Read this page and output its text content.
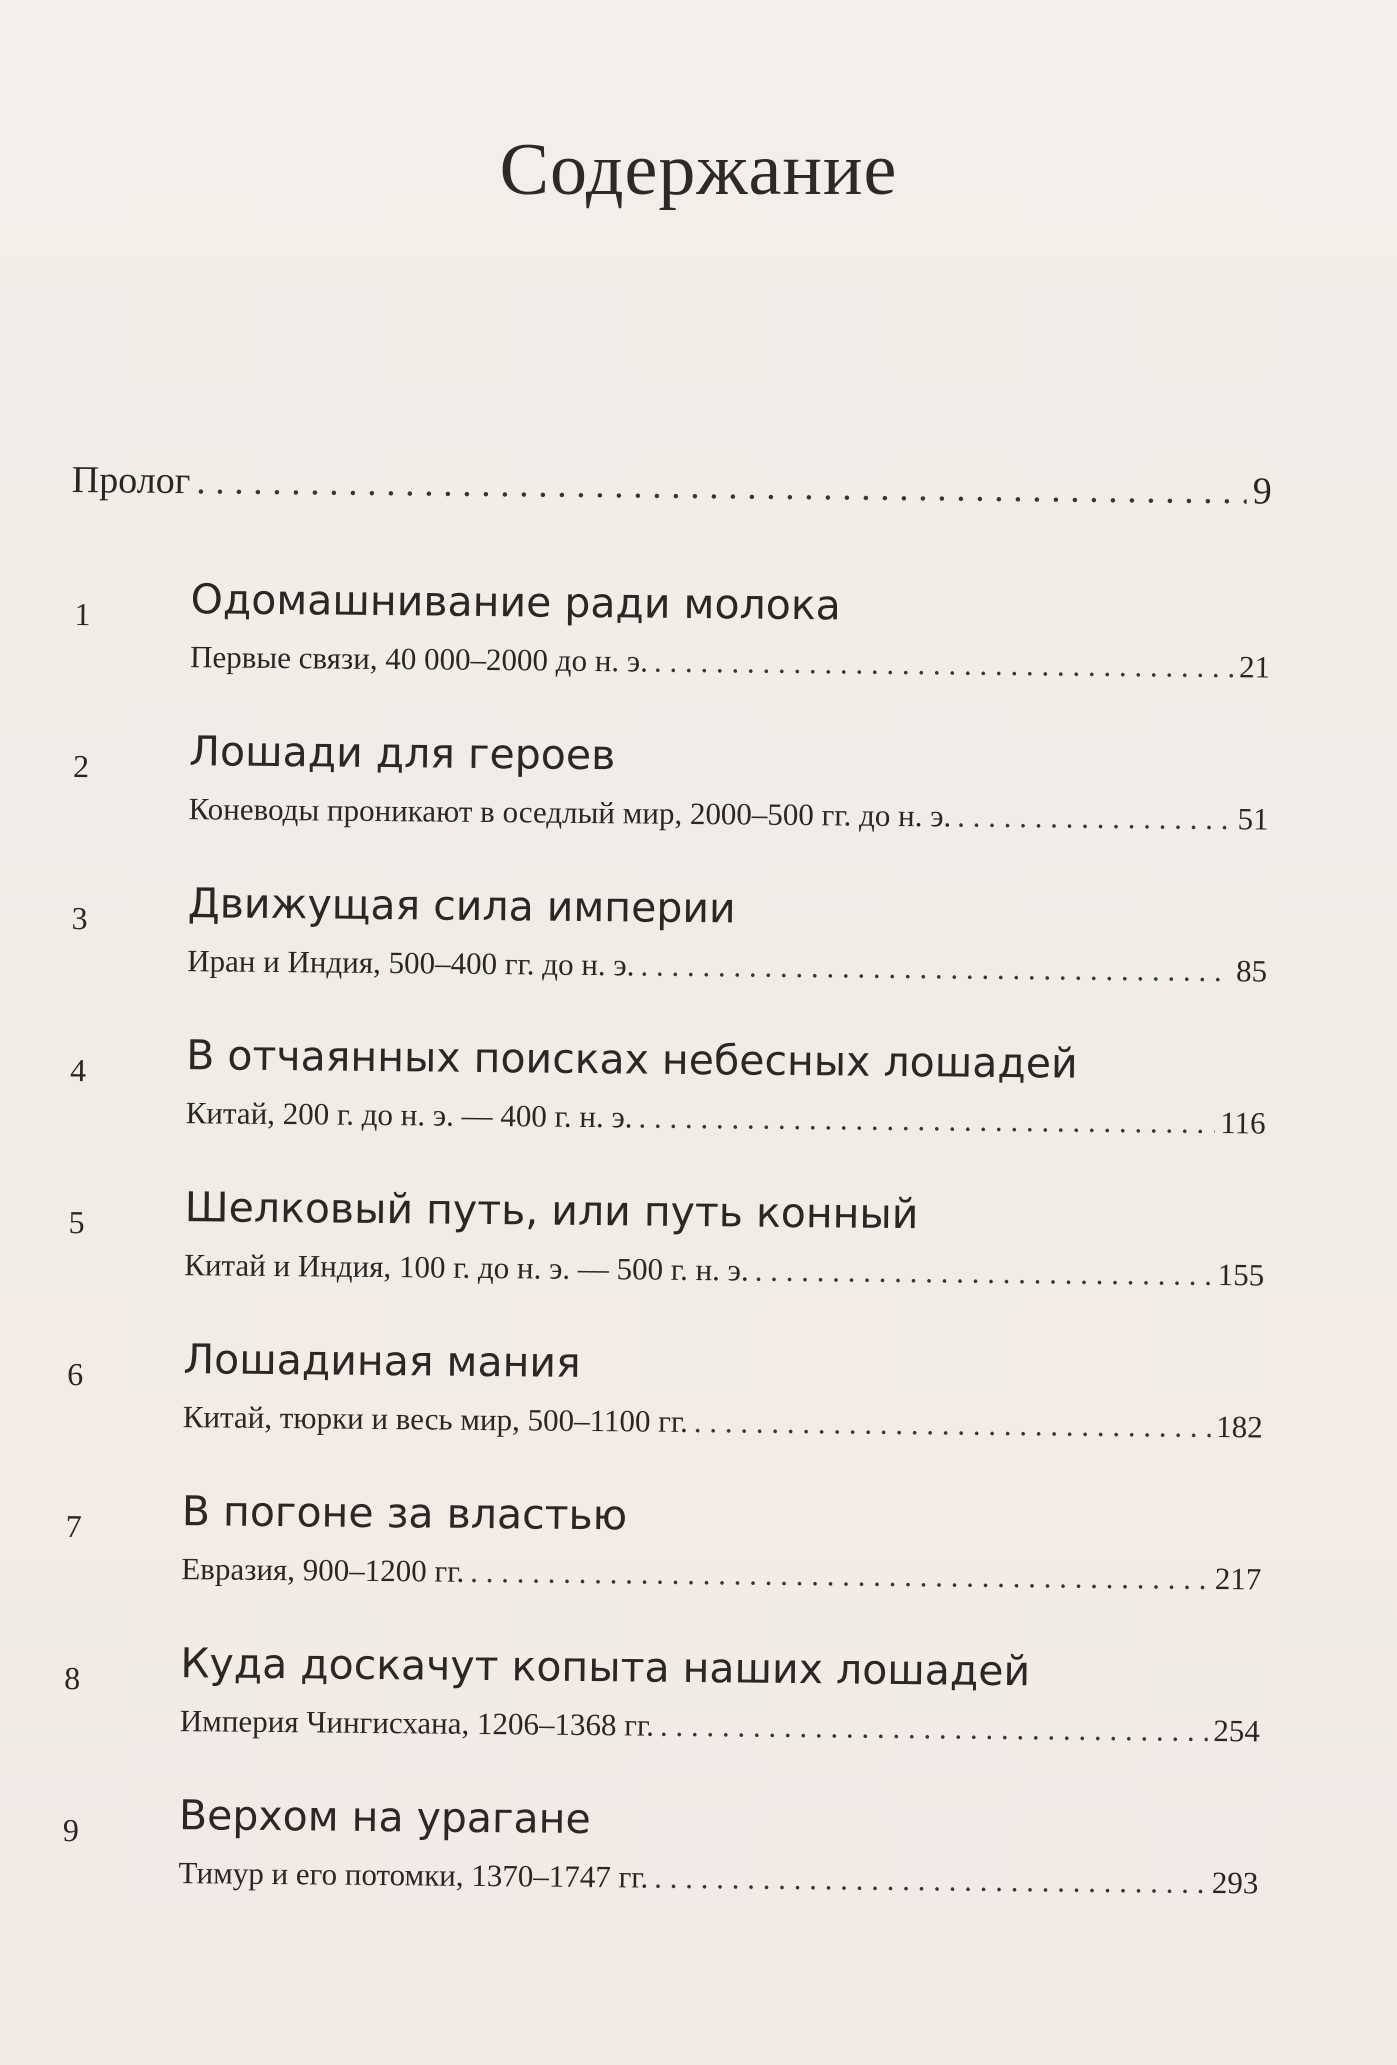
Содержание
Пролог . . .	9
1 Одомашнивание ради молока
Первые связи, 40 000–2000 до н. э. . . .	21
2 Лошади для героев
Коневоды проникают в оседлый мир, 2000–500 гг. до н. э. . . .	51
3 Движущая сила империи
Иран и Индия, 500–400 гг. до н. э. . . .	85
4 В отчаянных поисках небесных лошадей
Китай, 200 г. до н. э. — 400 г. н. э. . . .	116
5 Шелковый путь, или путь конный
Китай и Индия, 100 г. до н. э. — 500 г. н. э. . . .	155
6 Лошадиная мания
Китай, тюрки и весь мир, 500–1100 гг. . . .	182
7 В погоне за властью
Евразия, 900–1200 гг. . . .	217
8 Куда доскачут копыта наших лошадей
Империя Чингисхана, 1206–1368 гг. . . .	254
9 Верхом на урагане
Тимур и его потомки, 1370–1747 гг. . . .	293
